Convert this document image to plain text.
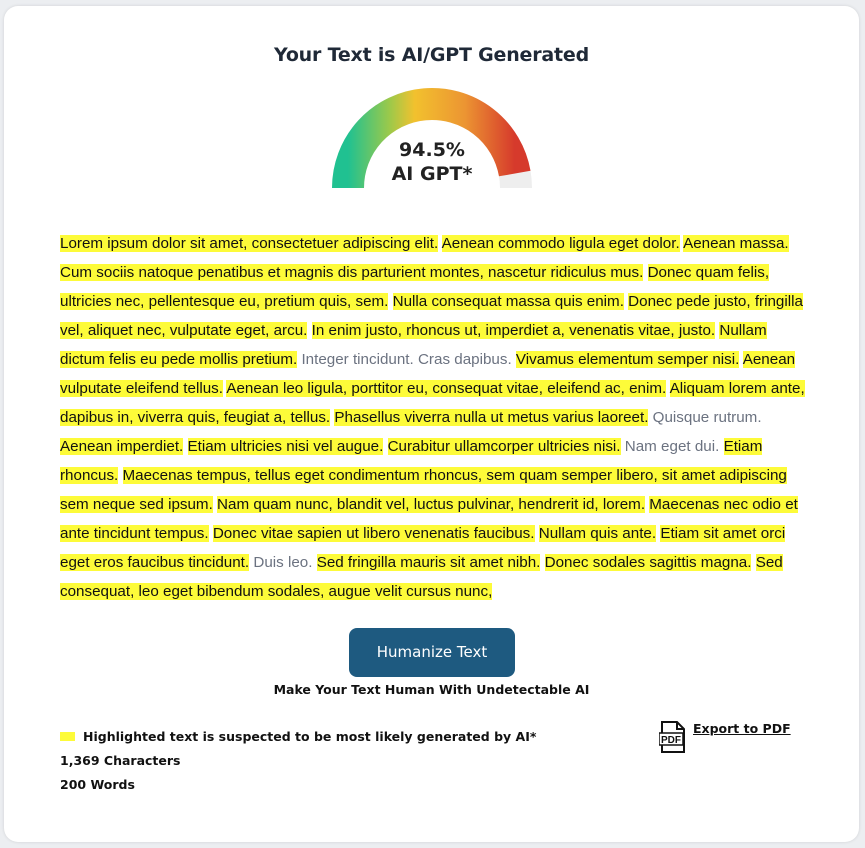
Your Text is AI/GPT Generated
94.5%
AI GPT*
Lorem ipsum dolor sit amet, consectetuer adipiscing elit. Aenean commodo ligula eget dolor. Aenean massa. Cum sociis natoque penatibus et magnis dis parturient montes, nascetur ridiculus mus. Donec quam felis, ultricies nec, pellentesque eu, pretium quis, sem. Nulla consequat massa quis enim. Donec pede justo, fringilla vel, aliquet nec, vulputate eget, arcu. In enim justo, rhoncus ut, imperdiet a, venenatis vitae, justo. Nullam dictum felis eu pede mollis pretium. Integer tincidunt. Cras dapibus. Vivamus elementum semper nisi. Aenean vulputate eleifend tellus. Aenean leo ligula, porttitor eu, consequat vitae, eleifend ac, enim. Aliquam lorem ante, dapibus in, viverra quis, feugiat a, tellus. Phasellus viverra nulla ut metus varius laoreet. Quisque rutrum. Aenean imperdiet. Etiam ultricies nisi vel augue. Curabitur ullamcorper ultricies nisi. Nam eget dui. Etiam rhoncus. Maecenas tempus, tellus eget condimentum rhoncus, sem quam semper libero, sit amet adipiscing sem neque sed ipsum. Nam quam nunc, blandit vel, luctus pulvinar, hendrerit id, lorem. Maecenas nec odio et ante tincidunt tempus. Donec vitae sapien ut libero venenatis faucibus. Nullam quis ante. Etiam sit amet orci eget eros faucibus tincidunt. Duis leo. Sed fringilla mauris sit amet nibh. Donec sodales sagittis magna. Sed consequat, leo eget bibendum sodales, augue velit cursus nunc,
Humanize Text
Make Your Text Human With Undetectable AI
Highlighted text is suspected to be most likely generated by AI*
1,369 Characters
200 Words
PDF
Export to PDF
